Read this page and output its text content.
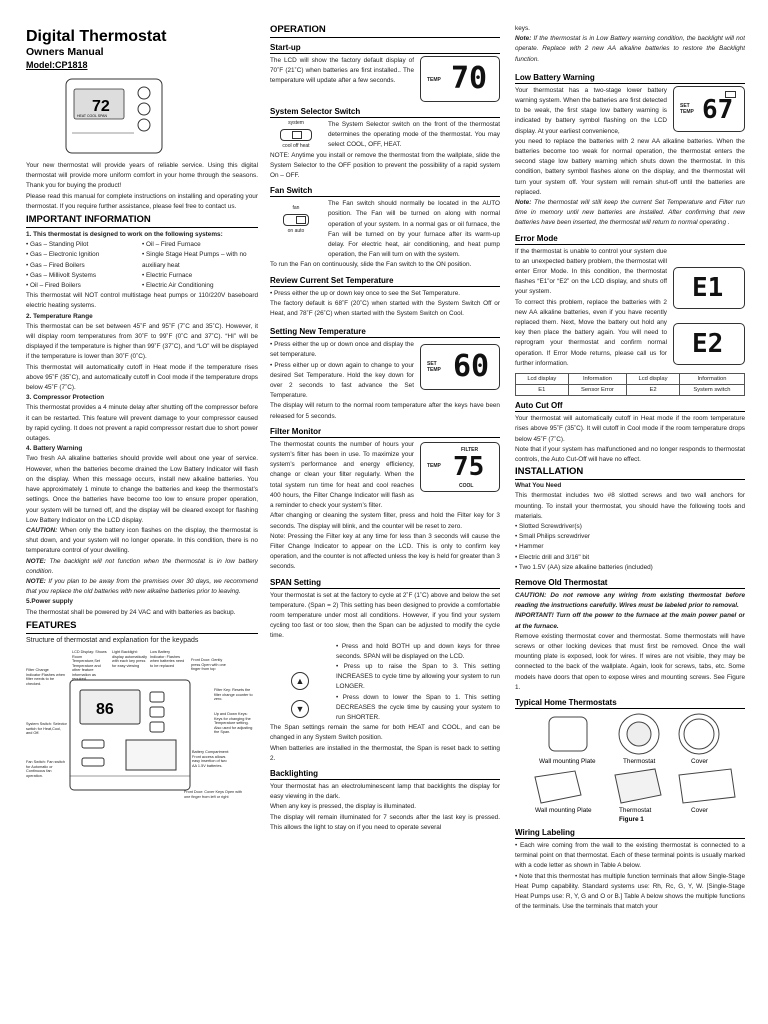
Digital Thermostat
Owners Manual
Model:CP1818
72
HEAT COOL SPAN

Your new thermostat will provide years of reliable service. Using this digital thermostat will provide more uniform comfort in your home through the seasons. Thank you for buying the product!

Please read this manual for complete instructions on installing and operating your thermostat. If you require further assistance, please feel free to contact us.

IMPORTANT INFORMATION

1. This thermostat is designed to work on the following systems:

• Gas – Standing Pilot

• Gas – Electronic Ignition

• Gas – Fired Boilers

• Gas – Millivolt Systems

• Oil – Fired Boilers

• Oil – Fired Furnace

• Single Stage Heat Pumps – with no

auxiliary heat

• Electric Furnace

• Electric Air Conditioning

This thermostat will NOT control multistage heat pumps or 110/220V baseboard electric heating systems.

2. Temperature Range

This thermostat can be set between 45˚F and 95˚F (7˚C and 35˚C). However, it will display room temperatures from 30˚F to 99˚F (0˚C and 37˚C). “HI” will be displayed if the temperature is higher than 99˚F (37˚C), and “LO” will be displayed if the temperature is lower than 30˚F (0˚C).

This thermostat will automatically cutoff in Heat mode if the temperature rises above 95˚F (35˚C), and automatically cutoff in Cool mode if the temperature drops below 45˚F (7˚C).

3. Compressor Protection

This thermostat provides a 4 minute delay after shutting off the compressor before it can be restarted. This feature will prevent damage to your compressor caused by rapid cycling. It does not prevent a rapid compressor restart due to short power outages.

4. Battery Warning

Two fresh AA alkaline batteries should provide well about one year of service. However, when the batteries become drained the Low Battery Indicator will flash on the display. When this message occurs, install new alkaline batteries. You have approximately 1 minute to change the batteries and keep the thermostat’s settings. Once the batteries have become too low to ensure proper operation, your system will be turned off, and the display will be cleared except for flashing Low Battery Indicator on the LCD display.

CAUTION: When only the battery icon flashes on the display, the thermostat is shut down, and your system will no longer operate. In this condition, there is no temperature control of your dwelling.

NOTE: The backlight will not function when the thermostat is in low battery condition.

NOTE: If you plan to be away from the premises over 30 days, we recommend that you replace the old batteries with new alkaline batteries prior to leaving.

5.Power supply

The thermostat shall be powered by 24 VAC and with batteries as backup.

FEATURES

Structure of thermostat and explanation for the keypads

86
LCD Display: Shows Room Temperature,Set Temperature and other feature information as required.
Light Backlight: display automatically with each key press for easy viewing
Low Battery Indicator: Flashes when batteries need to be replaced
Front Door: Gently press Open with one finger from top
Filter Change Indicator:Flashes when filter needs to be checked.
Filter Key: Resets the filter change counter to zero.
Up and Down Keys: Keys for changing the Temperature setting. Also used for adjusting the Span.
System Switch: Selector switch for Heat,Cool, and Off.
Battery Compartment: Front access allows easy insertion of two AA 1.5V batteries.
Fan Switch: Fan switch for Automatic or Continuous fan operation.
Front Door: Cover Keys Open with one finger from left or right
OPERATION
Start-up

The LCD will show the factory default display of 70˚F (21˚C) when batteries are first installed.. The temperature will update after a few seconds.	TEMP 70
System Selector Switch
system
cool off heat

The System Selector switch on the front of the thermostat determines the operating mode of the thermostat. You may select COOL, OFF, HEAT.

NOTE: Anytime you install or remove the thermostat from the wallplate, slide the System Selector to the OFF position to prevent the possibility of a rapid system On – OFF.

Fan Switch
fan
on auto

The Fan switch should normally be located in the AUTO position. The Fan will be turned on along with normal operation of your system. In a normal gas or oil furnace, the Fan will be turned on by your furnace after its warm-up delay. For electric heat, air conditioning, and heat pump operation, the Fan will turn on with the system.

To run the Fan on continuously, slide the Fan switch to the ON position.

Review Current Set Temperature

• Press either the up or down key once to see the Set Temperature.

The factory default is 68˚F (20˚C) when started with the System Switch Off or Heat, and 78˚F (26˚C) when started with the System Switch on Cool.

Setting New Temperature

• Press either the up or down once and display the set temperature.

• Press either up or down again to change to your desired Set Temperature. Hold the key down for over 2 seconds to fast advance the Set Temperature.

SET
TEMP 60

The display will return to the normal room temperature after the keys have been released for 5 seconds.

Filter Monitor

The thermostat counts the number of hours your system’s filter has been in use. To maximize your system’s performance and energy efficiency, change or clean your filter regularly. When the total system run time for heat and cool reaches 400 hours, the Filter Change Indicator will flash as a reminder to check your system’s filter.

FILTER
TEMP 75
COOL

After changing or cleaning the system filter, press and hold the Filter key for 3 seconds. The display will blink, and the counter will be reset to zero.

Note: Pressing the Filter key at any time for less than 3 seconds will cause the Filter Change Indicator to appear on the LCD. This is only to confirm key operation, and the counter is not affected unless the key is held for greater than 3 seconds.

SPAN Setting

Your thermostat is set at the factory to cycle at 2˚F (1˚C) above and below the set temperature. (Span = 2) This setting has been designed to provide a comfortable room temperature under most all conditions. However, if you find your system cycling too fast or too slow, then the Span can be adjusted to modify the cycle time.

▲
▼

• Press and hold BOTH up and down keys for three seconds. SPAN will be displayed on the LCD.

• Press up to raise the Span to 3. This setting INCREASES to cycle time by allowing your system to run LONGER.

• Press down to lower the Span to 1. This setting DECREASES the cycle time by causing your system to run SHORTER.

The Span settings remain the same for both HEAT and COOL, and can be changed in any System Switch position.

When batteries are installed in the thermostat, the Span is reset back to setting 2.

Backlighting

Your thermostat has an electroluminescent lamp that backlights the display for easy viewing in the dark.

When any key is pressed, the display is illuminated.

The display will remain illuminated for 7 seconds after the last key is pressed. This allows the light to stay on if you need to operate several

keys.

Note: If the thermostat is in Low Battery warning condition, the backlight will not operate. Replace with 2 new AA alkaline batteries to restore the Backlight function.

Low Battery Warning

Your thermostat has a two-stage lower battery warning system. When the batteries are first detected to be weak, the first stage low battery warning is indicated by battery symbol flashing on the LCD display. At your earliest convenience,

SET
TEMP 67

you need to replace the batteries with 2 new AA alkaline batteries. When the batteries become too weak for normal operation, the thermostat enters the second stage low battery warning which shuts down the thermostat. In this condition, battery symbol flashes alone on the display, and the thermostat will turn your system off. Your system will remain shut-off until the batteries are replaced.

Note: The thermostat will still keep the current Set Temperature and Filter run time in memory until new batteries are installed. After confirming that new batteries have been inserted, the thermostat will return to normal operating .

Error Mode

If the thermostat is unable to control your system due to an unexpected battery problem, the thermostat will enter Error Mode. In this condition, the thermostat flashes “E1”or “E2” on the LCD display, and shuts off your system.

To correct this problem, replace the batteries with 2 new AA alkaline batteries, even if you have recently replaced them. Next, Move the battery out hold any key then place the battery again. You will need to reprogram your thermostat and confirm normal operation. If Error Mode returns, please call us for further information.

E1
E2
Lcd display	Information	Lcd display	Information
E1	Sensor Error	E2	System switch
Auto Cut Off

Your thermostat will automatically cutoff in Heat mode if the room temperature rises above 95˚F (35˚C). It will cutoff in Cool mode if the room temperature drops below 45˚F (7˚C).

Note that if your system has malfunctioned and no longer responds to thermostat controls, the Auto Cut-Off will have no effect.

INSTALLATION

What You Need

This thermostat includes two #8 slotted screws and two wall anchors for mounting. To install your thermostat, you should have the following tools and materials.

• Slotted Screwdriver(s)

• Small Philips screwdriver

• Hammer

• Electric drill and 3/16" bit

• Two 1.5V (AA) size alkaline batteries (included)

Remove Old Thermostat

CAUTION: Do not remove any wiring from existing thermostat before reading the instructions carefully. Wires must be labeled prior to removal.

INPORTANT! Turn off the power to the furnace at the main power panel or at the furnace.

Remove existing thermostat cover and thermostat. Some thermostats will have screws or other locking devices that must first be removed. Once the wall mounting plate is exposed, look for wires. If wires are not visible, they may be connected to the back of the wallplate. Again, look for screws, tabs, etc. Some models have doors that open to expose wires and mounting screws. See Figure 1.

Typical Home Thermostats
Wall mounting Plate	Thermostat	Cover
Wall mounting Plate	Thermostat	Cover
Figure 1
Wiring Labeling

• Each wire coming from the wall to the existing thermostat is connected to a terminal point on that thermostat. Each of these terminal points is usually marked with a code letter as shown in Table A below.

• Note that this thermostat has multiple function terminals that allow Single-Stage Heat Pump capability. Standard systems use: Rh, Rc, G, Y, W. [Single-Stage Heat Pumps use: R, Y, G and O or B.] Table A below shows the multiple functions of the terminals. Use the terminals that match your
